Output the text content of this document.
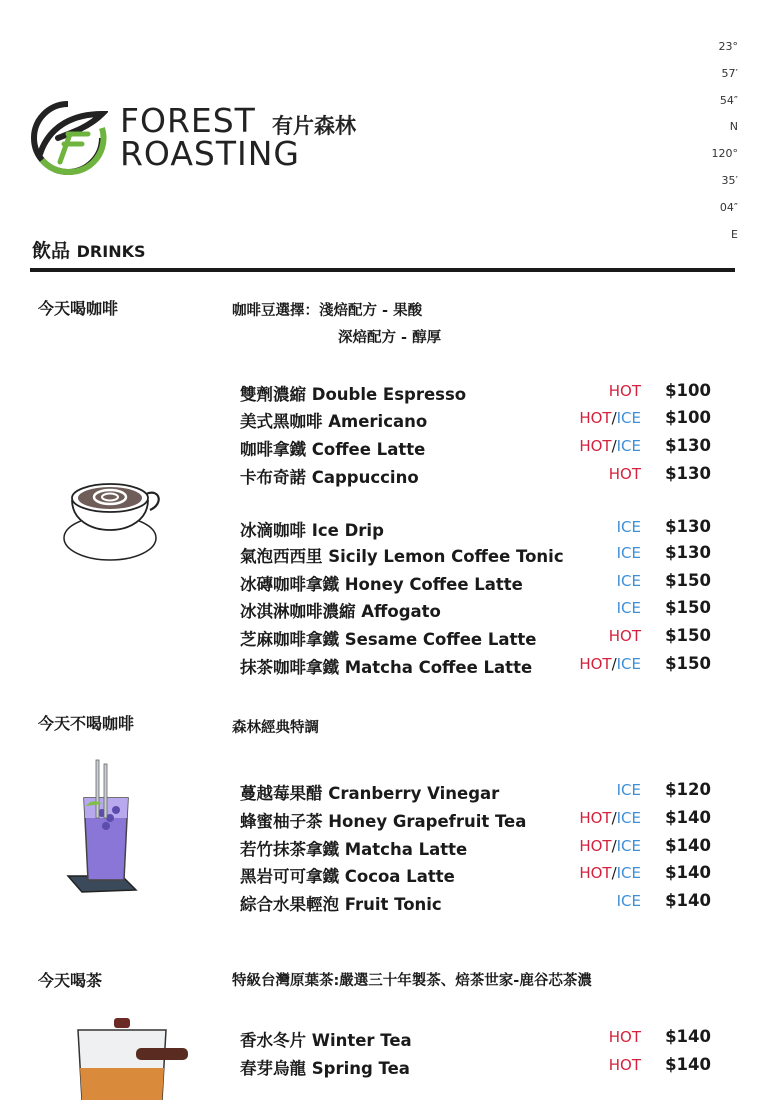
FOREST
ROASTING
有片森林
23°
57′
54″
N
120°
35′
04″
E
飲品 DRINKS
今天喝咖啡	咖啡豆選擇：淺焙配方 - 果酸
深焙配方 - 醇厚
雙劑濃縮 Double Espresso	HOT $100
美式黑咖啡 Americano	HOT/ICE $100
咖啡拿鐵 Coffee Latte	HOT/ICE $130
卡布奇諾 Cappuccino	HOT $130
冰滴咖啡 Ice Drip	ICE $130
氣泡西西里 Sicily Lemon Coffee Tonic	ICE $130
冰磚咖啡拿鐵 Honey Coffee Latte	ICE $150
冰淇淋咖啡濃縮 Affogato	ICE $150
芝麻咖啡拿鐵 Sesame Coffee Latte	HOT $150
抹茶咖啡拿鐵 Matcha Coffee Latte	HOT/ICE $150
今天不喝咖啡	森林經典特調
蔓越莓果醋 Cranberry Vinegar	ICE $120
蜂蜜柚子茶 Honey Grapefruit Tea	HOT/ICE $140
若竹抹茶拿鐵 Matcha Latte	HOT/ICE $140
黑岩可可拿鐵 Cocoa Latte	HOT/ICE $140
綜合水果輕泡 Fruit Tonic	ICE $140
今天喝茶	特級台灣原葉茶:嚴選三十年製茶、焙茶世家-鹿谷芯茶濃
香水冬片 Winter Tea	HOT $140
春芽烏龍 Spring Tea	HOT $140
